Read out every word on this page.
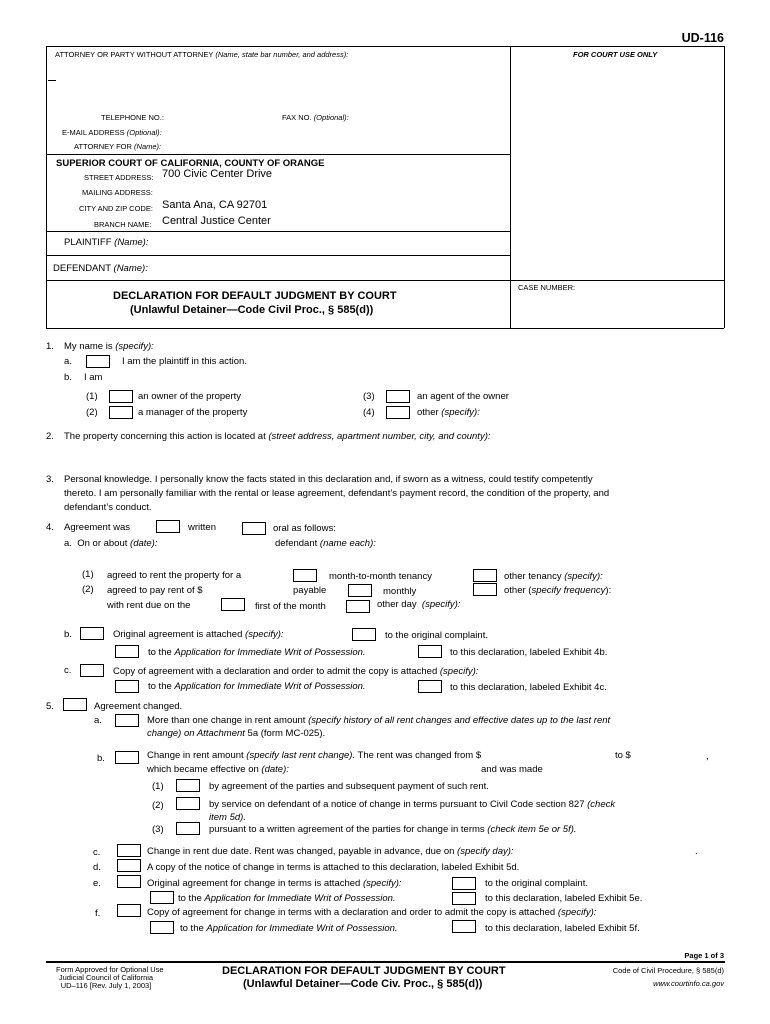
UD-116
ATTORNEY OR PARTY WITHOUT ATTORNEY (Name, state bar number, and address):	FOR COURT USE ONLY
TELEPHONE NO.:	FAX NO. (Optional):
E-MAIL ADDRESS (Optional):
ATTORNEY FOR (Name):
SUPERIOR COURT OF CALIFORNIA, COUNTY OF ORANGE
STREET ADDRESS: 700 Civic Center Drive
MAILING ADDRESS:
CITY AND ZIP CODE: Santa Ana, CA 92701
BRANCH NAME: Central Justice Center
PLAINTIFF (Name):
DEFENDANT (Name):
DECLARATION FOR DEFAULT JUDGMENT BY COURT
(Unlawful Detainer—Code Civil Proc., § 585(d))
CASE NUMBER:
1. My name is (specify):
a.	I am the plaintiff in this action.
b. I am
(1)	an owner of the property
(2)	a manager of the property
(3)	an agent of the owner
(4)	other (specify):
2. The property concerning this action is located at (street address, apartment number, city, and county):
3. Personal knowledge. I personally know the facts stated in this declaration and, if sworn as a witness, could testify competently
thereto. I am personally familiar with the rental or lease agreement, defendant’s payment record, the condition of the property, and
defendant’s conduct.
4. Agreement was	written	oral as follows:
a. On or about (date):	defendant (name each):
(1) agreed to rent the property for a	month-to-month tenancy	other tenancy (specify):
(2) agreed to pay rent of $	payable	monthly	other (specify frequency):
with rent due on the	first of the month	other day (specify):
b.	Original agreement is attached (specify):	to the original complaint.
to the Application for Immediate Writ of Possession.	to this declaration, labeled Exhibit 4b.
c.	Copy of agreement with a declaration and order to admit the copy is attached (specify):
to the Application for Immediate Writ of Possession.	to this declaration, labeled Exhibit 4c.
5.	Agreement changed.
a.	More than one change in rent amount (specify history of all rent changes and effective dates up to the last rent
change) on Attachment 5a (form MC-025).
b.	Change in rent amount (specify last rent change). The rent was changed from $	to $	,
which became effective on (date):	and was made
(1)	by agreement of the parties and subsequent payment of such rent.
(2)	by service on defendant of a notice of change in terms pursuant to Civil Code section 827 (check
item 5d).
(3)	pursuant to a written agreement of the parties for change in terms (check item 5e or 5f).
c.	Change in rent due date. Rent was changed, payable in advance, due on (specify day):	.
d.	A copy of the notice of change in terms is attached to this declaration, labeled Exhibit 5d.
e.	Original agreement for change in terms is attached (specify):	to the original complaint.
to the Application for Immediate Writ of Possession.	to this declaration, labeled Exhibit 5e.
f.	Copy of agreement for change in terms with a declaration and order to admit the copy is attached (specify):
to the Application for Immediate Writ of Possession.	to this declaration, labeled Exhibit 5f.
Page 1 of 3
Form Approved for Optional Use
Judicial Council of California
UD–116 [Rev. July 1, 2003]
DECLARATION FOR DEFAULT JUDGMENT BY COURT
(Unlawful Detainer—Code Civ. Proc., § 585(d))
Code of Civil Procedure, § 585(d)
www.courtinfo.ca.gov
